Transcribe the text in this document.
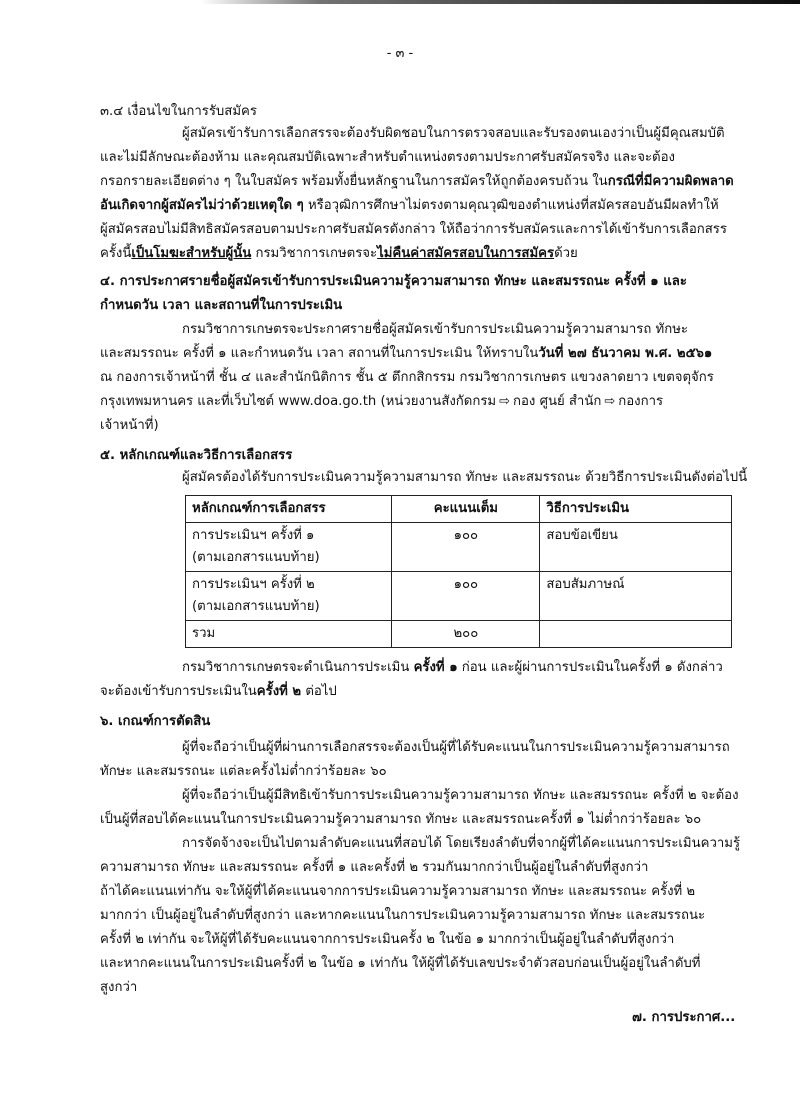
- ๓ -
๓.๔ เงื่อนไขในการรับสมัคร
ผู้สมัครเข้ารับการเลือกสรรจะต้องรับผิดชอบในการตรวจสอบและรับรองตนเองว่าเป็นผู้มีคุณสมบัติ
และไม่มีลักษณะต้องห้าม และคุณสมบัติเฉพาะสำหรับตำแหน่งตรงตามประกาศรับสมัครจริง และจะต้อง
กรอกรายละเอียดต่าง ๆ ในใบสมัคร พร้อมทั้งยื่นหลักฐานในการสมัครให้ถูกต้องครบถ้วน ในกรณีที่มีความผิดพลาด
อันเกิดจากผู้สมัครไม่ว่าด้วยเหตุใด ๆ หรือวุฒิการศึกษาไม่ตรงตามคุณวุฒิของตำแหน่งที่สมัครสอบอันมีผลทำให้
ผู้สมัครสอบไม่มีสิทธิสมัครสอบตามประกาศรับสมัครดังกล่าว ให้ถือว่าการรับสมัครและการได้เข้ารับการเลือกสรร
ครั้งนี้เป็นโมฆะสำหรับผู้นั้น กรมวิชาการเกษตรจะไม่คืนค่าสมัครสอบในการสมัครด้วย
๔. การประกาศรายชื่อผู้สมัครเข้ารับการประเมินความรู้ความสามารถ ทักษะ และสมรรถนะ ครั้งที่ ๑ และ
กำหนดวัน เวลา และสถานที่ในการประเมิน
กรมวิชาการเกษตรจะประกาศรายชื่อผู้สมัครเข้ารับการประเมินความรู้ความสามารถ ทักษะ
และสมรรถนะ ครั้งที่ ๑ และกำหนดวัน เวลา สถานที่ในการประเมิน ให้ทราบในวันที่ ๒๗ ธันวาคม พ.ศ. ๒๕๖๑
ณ กองการเจ้าหน้าที่ ชั้น ๔ และสำนักนิติการ ชั้น ๕ ตึกกสิกรรม กรมวิชาการเกษตร แขวงลาดยาว เขตจตุจักร
กรุงเทพมหานคร และที่เว็บไซต์ www.doa.go.th (หน่วยงานสังกัดกรม ⇨ กอง ศูนย์ สำนัก ⇨ กองการ
เจ้าหน้าที่)
๕. หลักเกณฑ์และวิธีการเลือกสรร
ผู้สมัครต้องได้รับการประเมินความรู้ความสามารถ ทักษะ และสมรรถนะ ด้วยวิธีการประเมินดังต่อไปนี้
หลักเกณฑ์การเลือกสรร	คะแนนเต็ม	วิธีการประเมิน

การประเมินฯ ครั้งที่ ๑
(ตามเอกสารแนบท้าย)	๑๐๐	สอบข้อเขียน

การประเมินฯ ครั้งที่ ๒
(ตามเอกสารแนบท้าย)	๑๐๐	สอบสัมภาษณ์
รวม	๒๐๐	
กรมวิชาการเกษตรจะดำเนินการประเมิน ครั้งที่ ๑ ก่อน และผู้ผ่านการประเมินในครั้งที่ ๑ ดังกล่าว
จะต้องเข้ารับการประเมินในครั้งที่ ๒ ต่อไป
๖. เกณฑ์การตัดสิน
ผู้ที่จะถือว่าเป็นผู้ที่ผ่านการเลือกสรรจะต้องเป็นผู้ที่ได้รับคะแนนในการประเมินความรู้ความสามารถ
ทักษะ และสมรรถนะ แต่ละครั้งไม่ต่ำกว่าร้อยละ ๖๐
ผู้ที่จะถือว่าเป็นผู้มีสิทธิเข้ารับการประเมินความรู้ความสามารถ ทักษะ และสมรรถนะ ครั้งที่ ๒ จะต้อง
เป็นผู้ที่สอบได้คะแนนในการประเมินความรู้ความสามารถ ทักษะ และสมรรถนะครั้งที่ ๑ ไม่ต่ำกว่าร้อยละ ๖๐
การจัดจ้างจะเป็นไปตามลำดับคะแนนที่สอบได้ โดยเรียงลำดับที่จากผู้ที่ได้คะแนนการประเมินความรู้
ความสามารถ ทักษะ และสมรรถนะ ครั้งที่ ๑ และครั้งที่ ๒ รวมกันมากกว่าเป็นผู้อยู่ในลำดับที่สูงกว่า
ถ้าได้คะแนนเท่ากัน จะให้ผู้ที่ได้คะแนนจากการประเมินความรู้ความสามารถ ทักษะ และสมรรถนะ ครั้งที่ ๒
มากกว่า เป็นผู้อยู่ในลำดับที่สูงกว่า และหากคะแนนในการประเมินความรู้ความสามารถ ทักษะ และสมรรถนะ
ครั้งที่ ๒ เท่ากัน จะให้ผู้ที่ได้รับคะแนนจากการประเมินครั้ง ๒ ในข้อ ๑ มากกว่าเป็นผู้อยู่ในลำดับที่สูงกว่า
และหากคะแนนในการประเมินครั้งที่ ๒ ในข้อ ๑ เท่ากัน ให้ผู้ที่ได้รับเลขประจำตัวสอบก่อนเป็นผู้อยู่ในลำดับที่
สูงกว่า
๗. การประกาศ...
